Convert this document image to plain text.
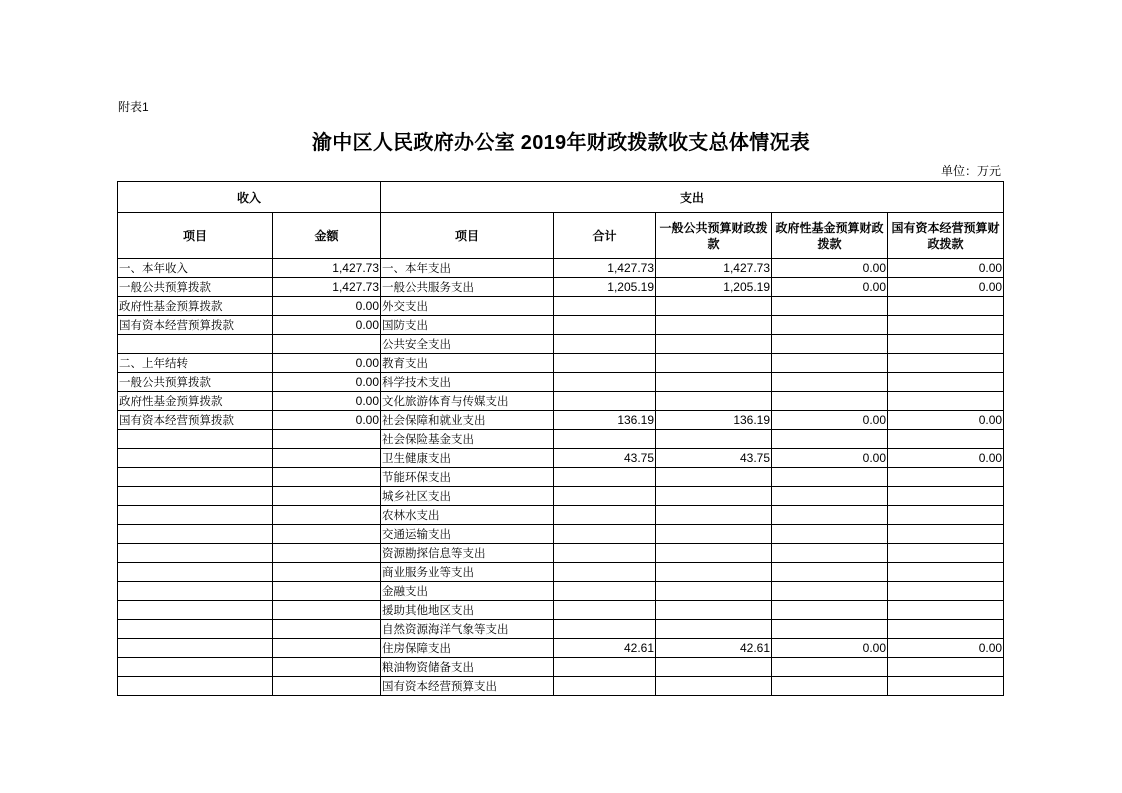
附表1
渝中区人民政府办公室 2019年财政拨款收支总体情况表
单位：万元
收入		支出				
项目	金额	项目	合计	一般公共预算财政拨款	政府性基金预算财政拨款	国有资本经营预算财政拨款
一、本年收入	1,427.73	一、本年支出	1,427.73	1,427.73	0.00	0.00
一般公共预算拨款	1,427.73	一般公共服务支出	1,205.19	1,205.19	0.00	0.00
政府性基金预算拨款	0.00	外交支出				
国有资本经营预算拨款	0.00	国防支出				
		公共安全支出				
二、上年结转	0.00	教育支出				
一般公共预算拨款	0.00	科学技术支出				
政府性基金预算拨款	0.00	文化旅游体育与传媒支出				
国有资本经营预算拨款	0.00	社会保障和就业支出	136.19	136.19	0.00	0.00
		社会保险基金支出				
		卫生健康支出	43.75	43.75	0.00	0.00
		节能环保支出				
		城乡社区支出				
		农林水支出				
		交通运输支出				
		资源勘探信息等支出				
		商业服务业等支出				
		金融支出				
		援助其他地区支出				
		自然资源海洋气象等支出				
		住房保障支出	42.61	42.61	0.00	0.00
		粮油物资储备支出				
		国有资本经营预算支出				
